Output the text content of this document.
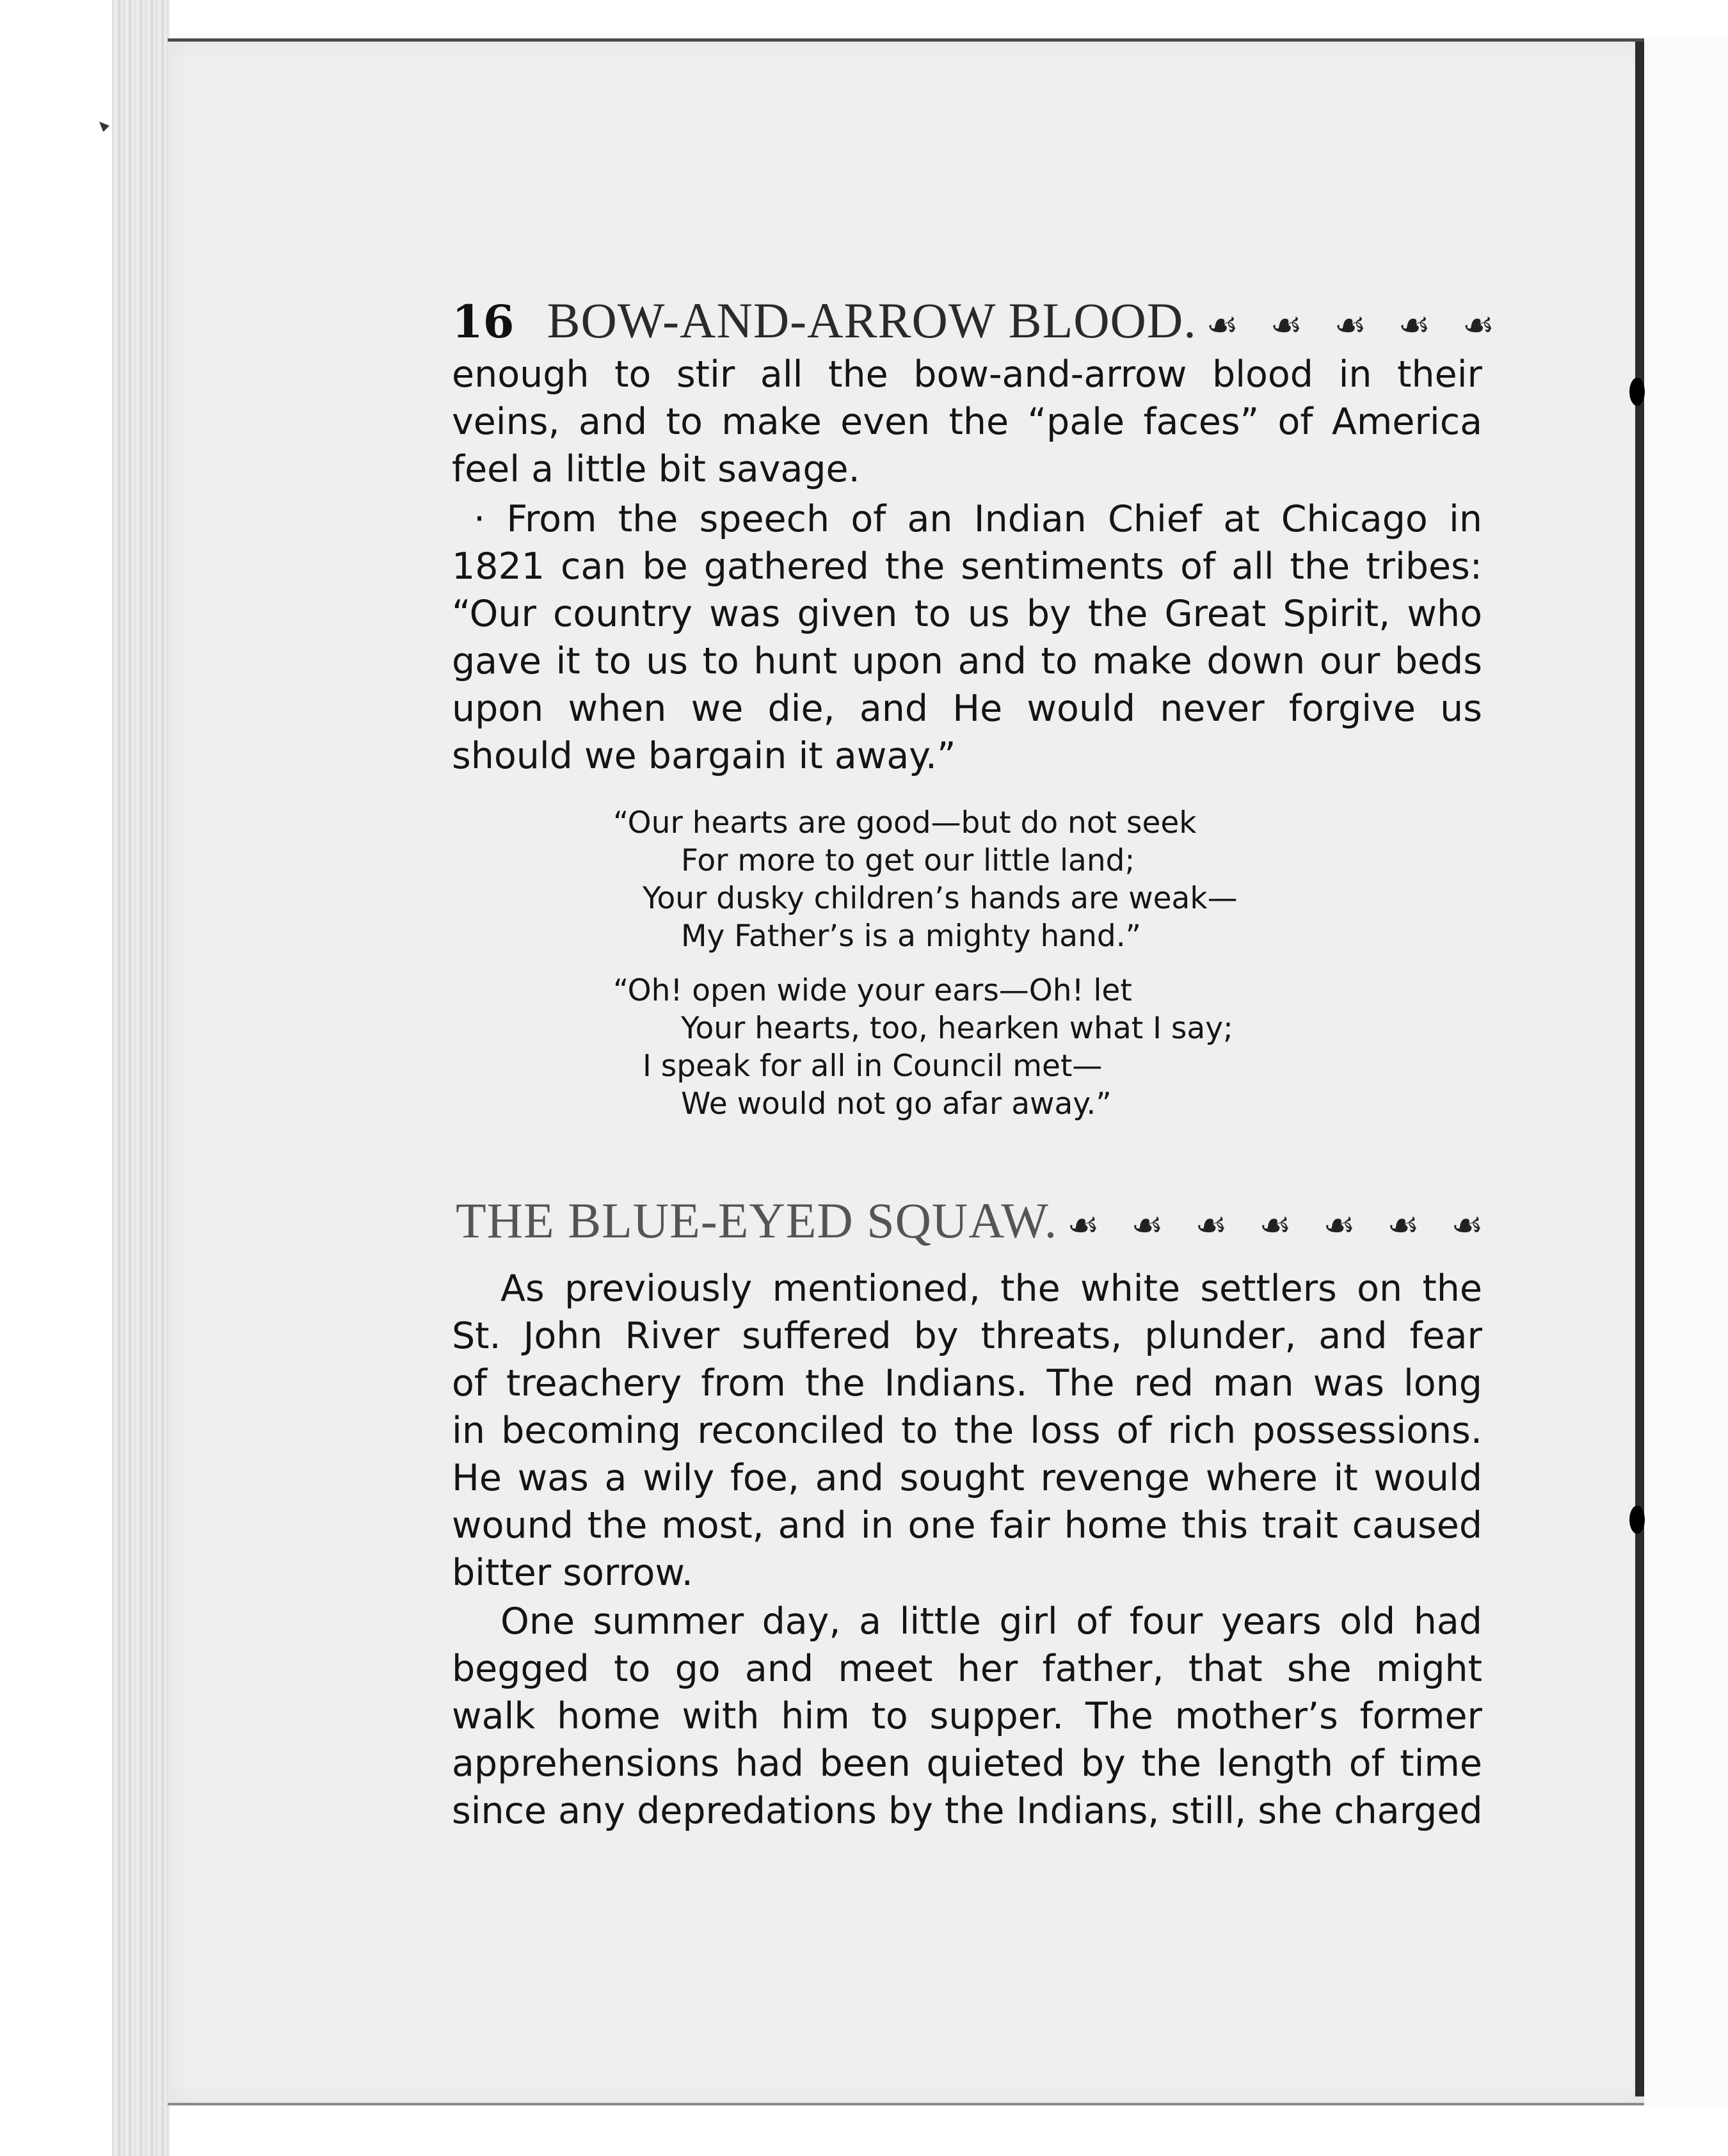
16 BOW-AND-ARROW BLOOD. ☙ ☙ ☙ ☙ ☙
enough to stir all the bow-and-arrow blood in their
veins, and to make even the “pale faces” of America
feel a little bit savage.
· From the speech of an Indian Chief at Chicago in
1821 can be gathered the sentiments of all the tribes:
“Our country was given to us by the Great Spirit, who
gave it to us to hunt upon and to make down our beds
upon when we die, and He would never forgive us
should we bargain it away.”
“Our hearts are good—but do not seek
For more to get our little land;
Your dusky children’s hands are weak—
My Father’s is a mighty hand.”
“Oh! open wide your ears—Oh! let
Your hearts, too, hearken what I say;
I speak for all in Council met—
We would not go afar away.”
THE BLUE-EYED SQUAW. ☙ ☙ ☙ ☙ ☙ ☙ ☙
As previously mentioned, the white settlers on the
St. John River suffered by threats, plunder, and fear
of treachery from the Indians. The red man was long
in becoming reconciled to the loss of rich possessions.
He was a wily foe, and sought revenge where it would
wound the most, and in one fair home this trait caused
bitter sorrow.
One summer day, a little girl of four years old had
begged to go and meet her father, that she might
walk home with him to supper. The mother’s former
apprehensions had been quieted by the length of time
since any depredations by the Indians, still, she charged
